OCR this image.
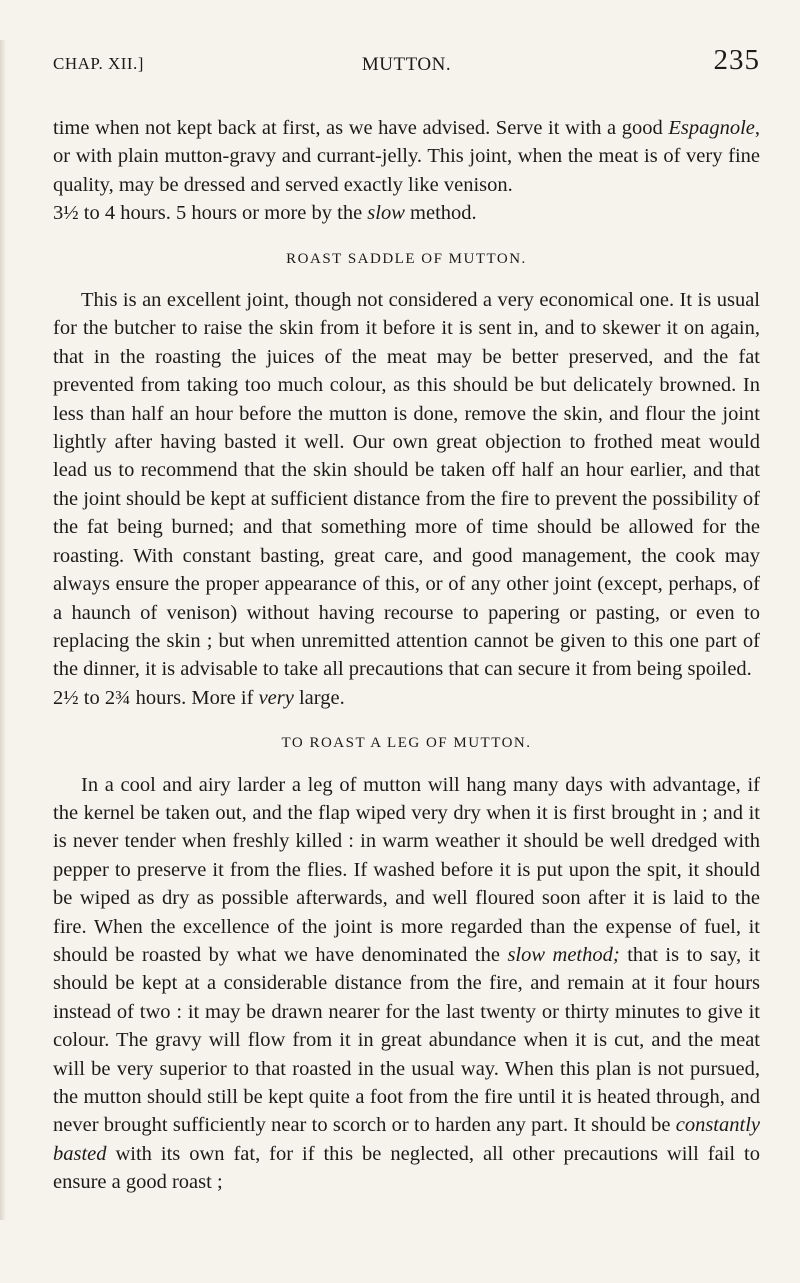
CHAP. XII.]	MUTTON.	235

time when not kept back at first, as we have advised. Serve it with a good Espagnole, or with plain mutton-gravy and currant-jelly. This joint, when the meat is of very fine quality, may be dressed and served exactly like venison.

3½ to 4 hours. 5 hours or more by the slow method.

ROAST SADDLE OF MUTTON.

This is an excellent joint, though not considered a very economical one. It is usual for the butcher to raise the skin from it before it is sent in, and to skewer it on again, that in the roasting the juices of the meat may be better preserved, and the fat prevented from taking too much colour, as this should be but delicately browned. In less than half an hour before the mutton is done, remove the skin, and flour the joint lightly after having basted it well. Our own great objection to frothed meat would lead us to recommend that the skin should be taken off half an hour earlier, and that the joint should be kept at sufficient distance from the fire to prevent the possibility of the fat being burned; and that something more of time should be allowed for the roasting. With constant basting, great care, and good management, the cook may always ensure the proper appearance of this, or of any other joint (except, perhaps, of a haunch of venison) without having recourse to papering or pasting, or even to replacing the skin ; but when unremitted attention cannot be given to this one part of the dinner, it is advisable to take all precautions that can secure it from being spoiled.

2½ to 2¾ hours. More if very large.

TO ROAST A LEG OF MUTTON.

In a cool and airy larder a leg of mutton will hang many days with advantage, if the kernel be taken out, and the flap wiped very dry when it is first brought in ; and it is never tender when freshly killed : in warm weather it should be well dredged with pepper to preserve it from the flies. If washed before it is put upon the spit, it should be wiped as dry as possible afterwards, and well floured soon after it is laid to the fire. When the excellence of the joint is more regarded than the expense of fuel, it should be roasted by what we have denominated the slow method; that is to say, it should be kept at a considerable distance from the fire, and remain at it four hours instead of two : it may be drawn nearer for the last twenty or thirty minutes to give it colour. The gravy will flow from it in great abundance when it is cut, and the meat will be very superior to that roasted in the usual way. When this plan is not pursued, the mutton should still be kept quite a foot from the fire until it is heated through, and never brought sufficiently near to scorch or to harden any part. It should be constantly basted with its own fat, for if this be neglected, all other precautions will fail to ensure a good roast ;
